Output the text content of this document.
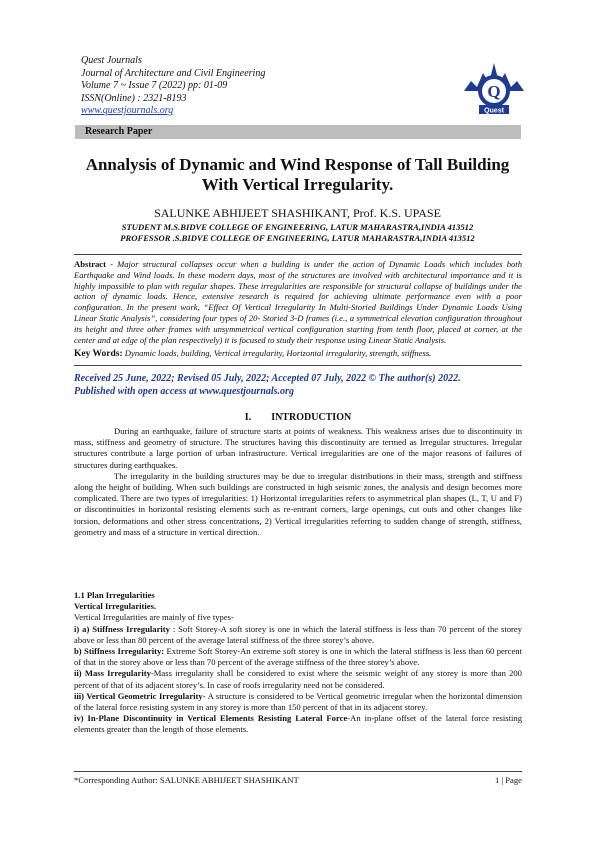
Quest Journals
Journal of Architecture and Civil Engineering
Volume 7 ~ Issue 7 (2022) pp: 01-09
ISSN(Online) : 2321-8193
www.questjournals.org
Q
Quest
Research Paper
Annalysis of Dynamic and Wind Response of Tall Building
With Vertical Irregularity.
SALUNKE ABHIJEET SHASHIKANT, Prof. K.S. UPASE
STUDENT M.S.BIDVE COLLEGE OF ENGINEERING, LATUR MAHARASTRA,INDIA 413512
PROFESSOR .S.BIDVE COLLEGE OF ENGINEERING, LATUR MAHARASTRA,INDIA 413512
Abstract - Major structural collapses occur when a building is under the action of Dynamic Loads which includes both Earthquake and Wind loads. In these modern days, most of the structures are involved with architectural importance and it is highly impossible to plan with regular shapes. These irregularities are responsible for structural collapse of buildings under the action of dynamic loads. Hence, extensive research is required for achieving ultimate performance even with a poor configuration. In the present work, “Effect Of Vertical Irregularity In Multi-Storied Buildings Under Dynamic Loads Using Linear Static Analysis”, considering four types of 20- Storied 3-D frames (i.e., a symmetrical elevation configuration throughout its height and three other frames with unsymmetrical vertical configuration starting from tenth floor, placed at corner, at the center and at edge of the plan respectively) it is focused to study their response using Linear Static Analysis.
Key Words: Dynamic loads, building, Vertical irregularity, Horizontal irregularity, strength, stiffness.
Received 25 June, 2022; Revised 05 July, 2022; Accepted 07 July, 2022 © The author(s) 2022.
Published with open access at www.questjournals.org
I.        INTRODUCTION

During an earthquake, failure of structure starts at points of weakness. This weakness arises due to discontinuity in mass, stiffness and geometry of structure. The structures having this discontinuity are termed as Irregular structures. Irregular structures contribute a large portion of urban infrastructure. Vertical irregularities are one of the major reasons of failures of structures during earthquakes.

The irregularity in the building structures may be due to irregular distributions in their mass, strength and stiffness along the height of building. When such buildings are constructed in high seismic zones, the analysis and design becomes more complicated. There are two types of irregularities: 1) Horizontal irregularities refers to asymmetrical plan shapes (L, T, U and F) or discontinuities in horizontal resisting elements such as re-entrant corners, large openings, cut outs and other changes like torsion, deformations and other stress concentrations, 2) Vertical irregularities referring to sudden change of strength, stiffness, geometry and mass of a structure in vertical direction.

1.1 Plan Irregularities

Vertical Irregularities.

Vertical Irregularities are mainly of five types-

i) a) Stiffness Irregularity : Soft Storey-A soft storey is one in which the lateral stiffness is less than 70 percent of the storey above or less than 80 percent of the average lateral stiffness of the three storey’s above.

b) Stiffness Irregularity: Extreme Soft Storey-An extreme soft storey is one in which the lateral stiffness is less than 60 percent of that in the storey above or less than 70 percent of the average stiffness of the three storey’s above.

ii) Mass Irregularity-Mass irregularity shall be considered to exist where the seismic weight of any storey is more than 200 percent of that of its adjacent storey’s. In case of roofs irregularity need not be considered.

iii) Vertical Geometric Irregularity- A structure is considered to be Vertical geometric irregular when the horizontal dimension of the lateral force resisting system in any storey is more than 150 percent of that in its adjacent storey.

iv) In-Plane Discontinuity in Vertical Elements Resisting Lateral Force-An in-plane offset of the lateral force resisting elements greater than the length of those elements.

*Corresponding Author: SALUNKE ABHIJEET SHASHIKANT	1 | Page
